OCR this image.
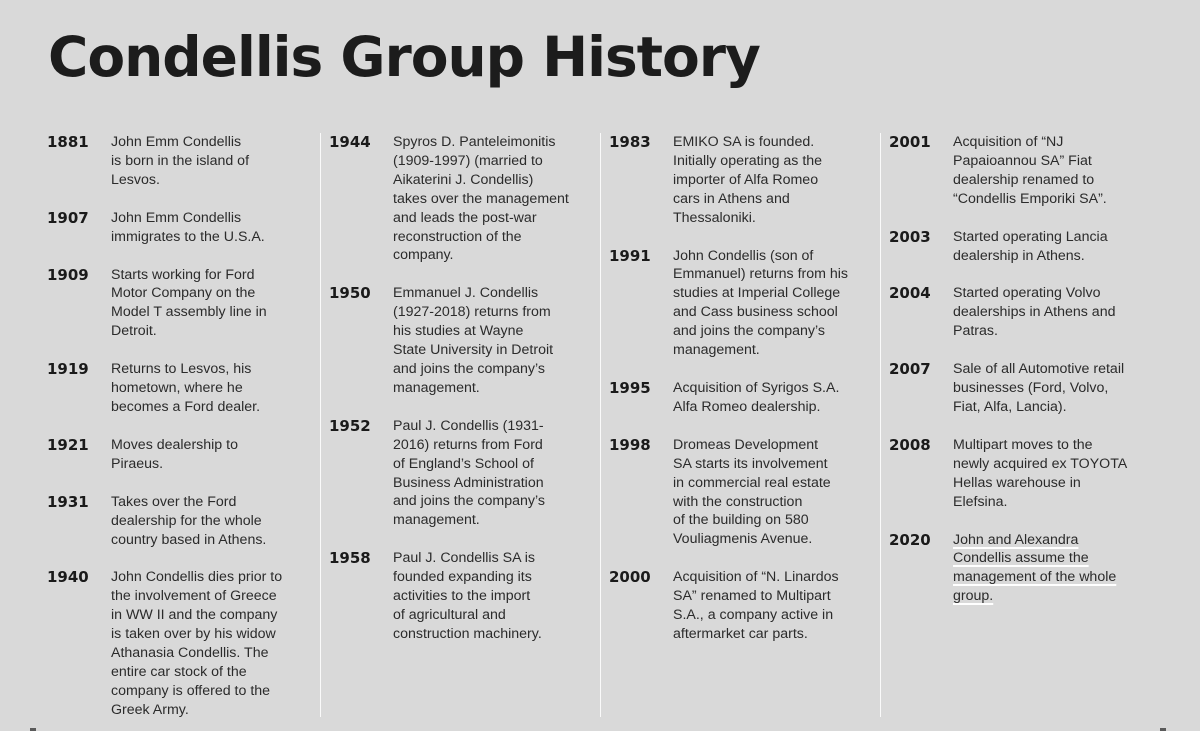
Condellis Group History
1881	John Emm Condellis
is born in the island of
Lesvos.
1907	John Emm Condellis
immigrates to the U.S.A.
1909	Starts working for Ford
Motor Company on the
Model T assembly line in
Detroit.
1919	Returns to Lesvos, his
hometown, where he
becomes a Ford dealer.
1921	Moves dealership to
Piraeus.
1931	Takes over the Ford
dealership for the whole
country based in Athens.
1940	John Condellis dies prior to
the involvement of Greece
in WW II and the company
is taken over by his widow
Athanasia Condellis. The
entire car stock of the
company is offered to the
Greek Army.
1944	Spyros D. Panteleimonitis
(1909-1997) (married to
Aikaterini J. Condellis)
takes over the management
and leads the post-war
reconstruction of the
company.
1950	Emmanuel J. Condellis
(1927-2018) returns from
his studies at Wayne
State University in Detroit
and joins the company’s
management.
1952	Paul J. Condellis (1931-
2016) returns from Ford
of England’s School of
Business Administration
and joins the company’s
management.
1958	Paul J. Condellis SA is
founded expanding its
activities to the import
of agricultural and
construction machinery.
1983	EMIKO SA is founded.
Initially operating as the
importer of Alfa Romeo
cars in Athens and
Thessaloniki.
1991	John Condellis (son of
Emmanuel) returns from his
studies at Imperial College
and Cass business school
and joins the company’s
management.
1995	Acquisition of Syrigos S.A.
Alfa Romeo dealership.
1998	Dromeas Development
SA starts its involvement
in commercial real estate
with the construction
of the building on 580
Vouliagmenis Avenue.
2000	Acquisition of “N. Linardos
SA” renamed to Multipart
S.A., a company active in
aftermarket car parts.
2001	Acquisition of “NJ
Papaioannou SA” Fiat
dealership renamed to
“Condellis Emporiki SA”.
2003	Started operating Lancia
dealership in Athens.
2004	Started operating Volvo
dealerships in Athens and
Patras.
2007	Sale of all Automotive retail
businesses (Ford, Volvo,
Fiat, Alfa, Lancia).
2008	Multipart moves to the
newly acquired ex TOYOTA
Hellas warehouse in
Elefsina.
2020	John and Alexandra
Condellis assume the
management of the whole
group.
